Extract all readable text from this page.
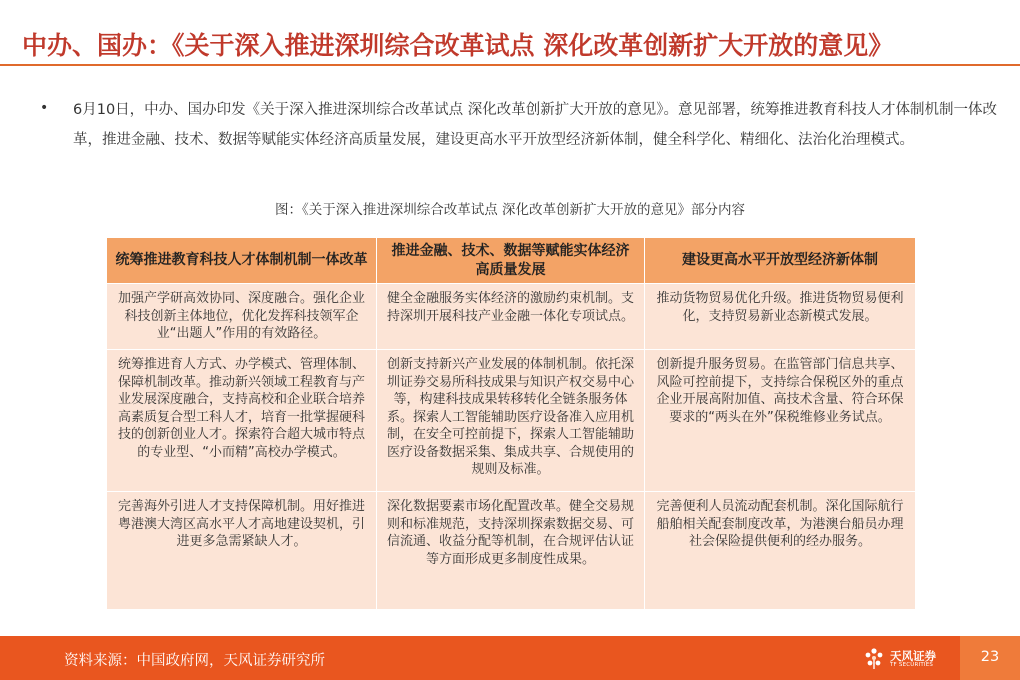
中办、国办：《关于深入推进深圳综合改革试点 深化改革创新扩大开放的意见》
• 6月10日，中办、国办印发《关于深入推进深圳综合改革试点 深化改革创新扩大开放的意见》。意见部署，统筹推进教育科技人才体制机制一体改革，推进金融、技术、数据等赋能实体经济高质量发展，建设更高水平开放型经济新体制，健全科学化、精细化、法治化治理模式。
图：《关于深入推进深圳综合改革试点 深化改革创新扩大开放的意见》部分内容
统筹推进教育科技人才体制机制一体改革	推进金融、技术、数据等赋能实体经济高质量发展	建设更高水平开放型经济新体制
加强产学研高效协同、深度融合。强化企业科技创新主体地位，优化发挥科技领军企业“出题人”作用的有效路径。	健全金融服务实体经济的激励约束机制。支持深圳开展科技产业金融一体化专项试点。	推动货物贸易优化升级。推进货物贸易便利化，支持贸易新业态新模式发展。
统筹推进育人方式、办学模式、管理体制、保障机制改革。推动新兴领域工程教育与产业发展深度融合，支持高校和企业联合培养高素质复合型工科人才，培育一批掌握硬科技的创新创业人才。探索符合超大城市特点的专业型、“小而精”高校办学模式。	创新支持新兴产业发展的体制机制。依托深圳证券交易所科技成果与知识产权交易中心等，构建科技成果转移转化全链条服务体系。探索人工智能辅助医疗设备准入应用机制，在安全可控前提下，探索人工智能辅助医疗设备数据采集、集成共享、合规使用的规则及标准。	创新提升服务贸易。在监管部门信息共享、风险可控前提下，支持综合保税区外的重点企业开展高附加值、高技术含量、符合环保要求的“两头在外”保税维修业务试点。
完善海外引进人才支持保障机制。用好推进粤港澳大湾区高水平人才高地建设契机，引进更多急需紧缺人才。	深化数据要素市场化配置改革。健全交易规则和标准规范，支持深圳探索数据交易、可信流通、收益分配等机制，在合规评估认证等方面形成更多制度性成果。	完善便利人员流动配套机制。深化国际航行船舶相关配套制度改革，为港澳台船员办理社会保险提供便利的经办服务。
资料来源：中国政府网，天风证券研究所	天风证券
TF SECURITIES	23
